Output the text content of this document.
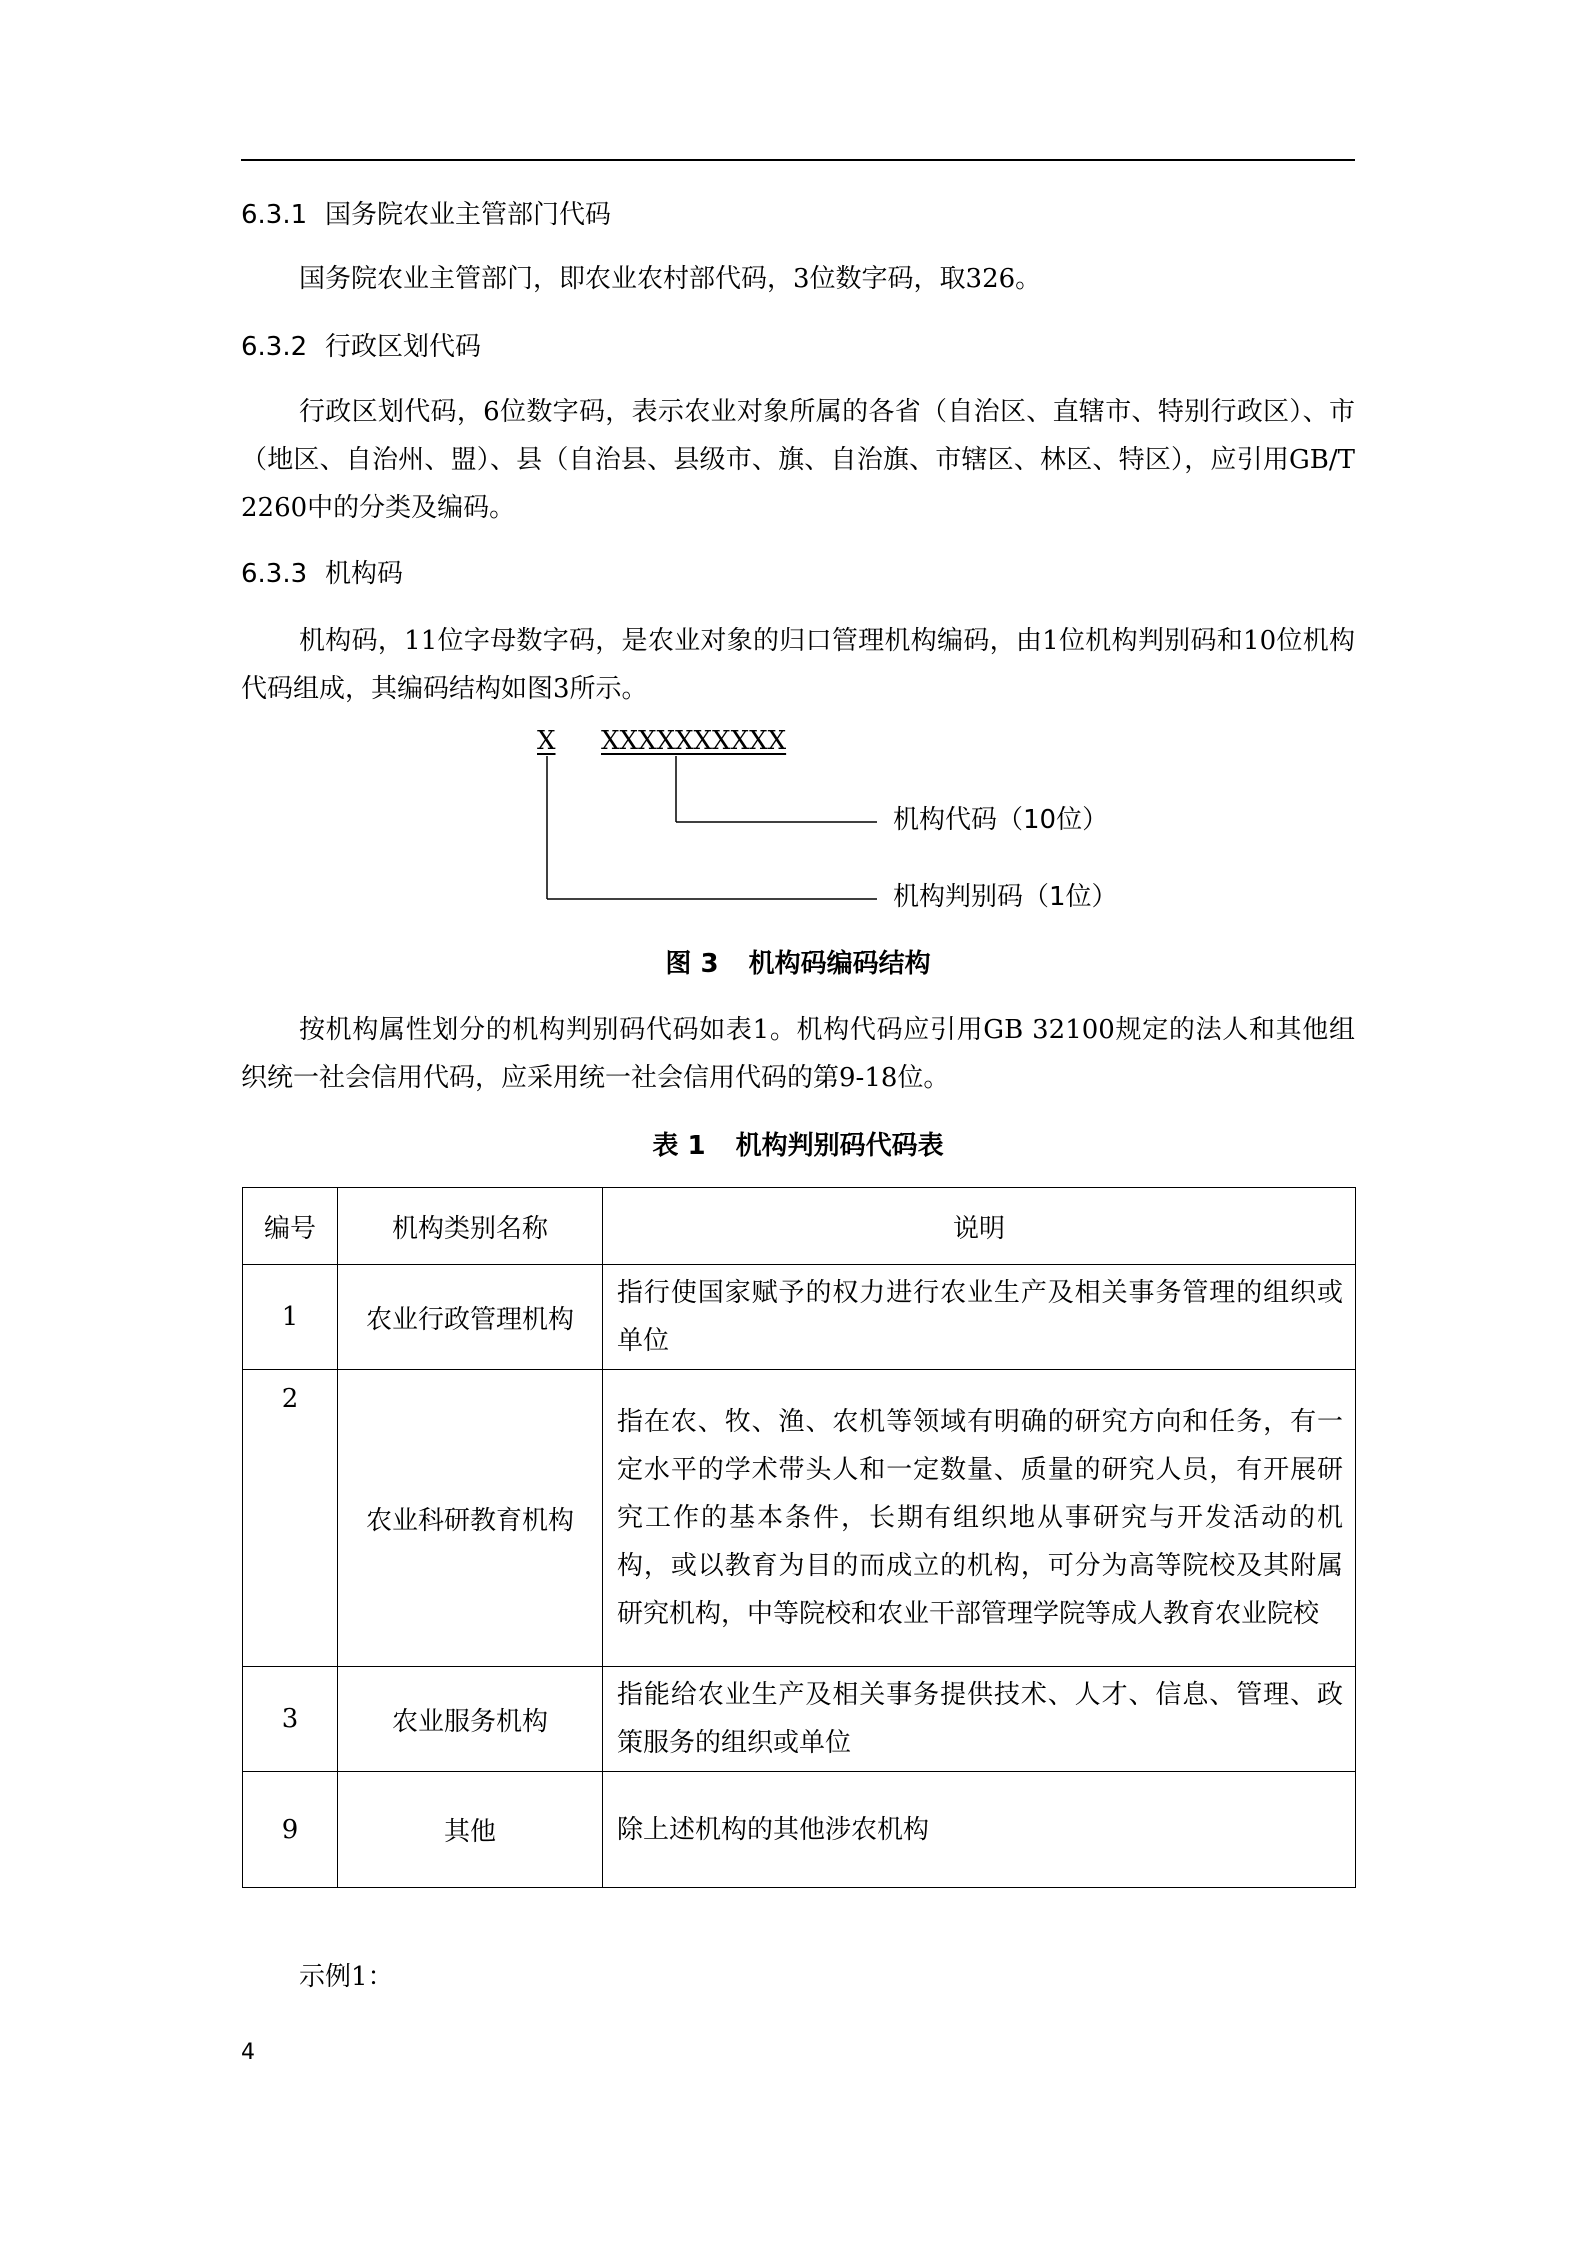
6.3.1 国务院农业主管部门代码

国务院农业主管部门，即农业农村部代码，3位数字码，取326。

6.3.2 行政区划代码

行政区划代码，6位数字码，表示农业对象所属的各省（自治区、直辖市、特别行政区）、市（地区、自治州、盟）、县（自治县、县级市、旗、自治旗、市辖区、林区、特区），应引用GB/T 2260中的分类及编码。

6.3.3 机构码

机构码，11位字母数字码，是农业对象的归口管理机构编码，由1位机构判别码和10位机构代码组成，其编码结构如图3所示。

X XXXXXXXXXX
机构代码（10位）
机构判别码（1位）
图 3 机构码编码结构

按机构属性划分的机构判别码代码如表1。机构代码应引用GB 32100规定的法人和其他组织统一社会信用代码，应采用统一社会信用代码的第9-18位。

表 1 机构判别码代码表
编号	机构类别名称	说明
1	农业行政管理机构	指行使国家赋予的权力进行农业生产及相关事务管理的组织或单位
2	农业科研教育机构	指在农、牧、渔、农机等领域有明确的研究方向和任务，有一定水平的学术带头人和一定数量、质量的研究人员，有开展研究工作的基本条件，长期有组织地从事研究与开发活动的机构，或以教育为目的而成立的机构，可分为高等院校及其附属研究机构，中等院校和农业干部管理学院等成人教育农业院校
3	农业服务机构	指能给农业生产及相关事务提供技术、人才、信息、管理、政策服务的组织或单位
9	其他	除上述机构的其他涉农机构
示例1：
4
